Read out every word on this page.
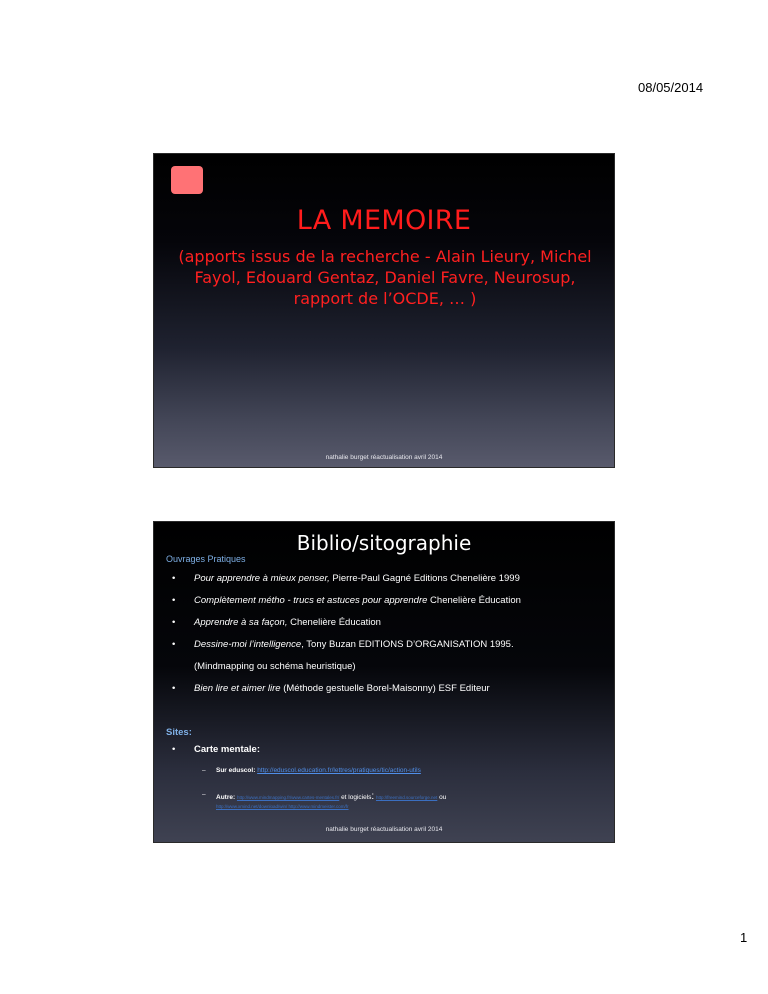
08/05/2014
LA MEMOIRE
(apports issus de la recherche - Alain Lieury, Michel Fayol, Edouard Gentaz, Daniel Favre, Neurosup, rapport de l’OCDE, … )
nathalie burget réactualisation avril 2014
Biblio/sitographie
Ouvrages Pratiques
• Pour apprendre à mieux penser, Pierre-Paul Gagné Editions Chenelière 1999
• Complètement métho - trucs et astuces pour apprendre Chenelière Éducation
• Apprendre à sa façon, Chenelière Éducation
• Dessine-moi l’intelligence, Tony Buzan EDITIONS D’ORGANISATION 1995.
(Mindmapping ou schéma heuristique)
• Bien lire et aimer lire (Méthode gestuelle Borel-Maisonny) ESF Editeur
Sites:
• Carte mentale:
– Sur eduscol: http://eduscol.education.fr/lettres/pratiques/tic/action-utils
– Autre: http://www.mindmapping.fr/www.cartes-mentales.fr/ et logiciels: http://freemind.sourceforge.net ou
http://www.xmind.net/download/win/ http://www.mindmeister.com/fr
nathalie burget réactualisation avril 2014
1
